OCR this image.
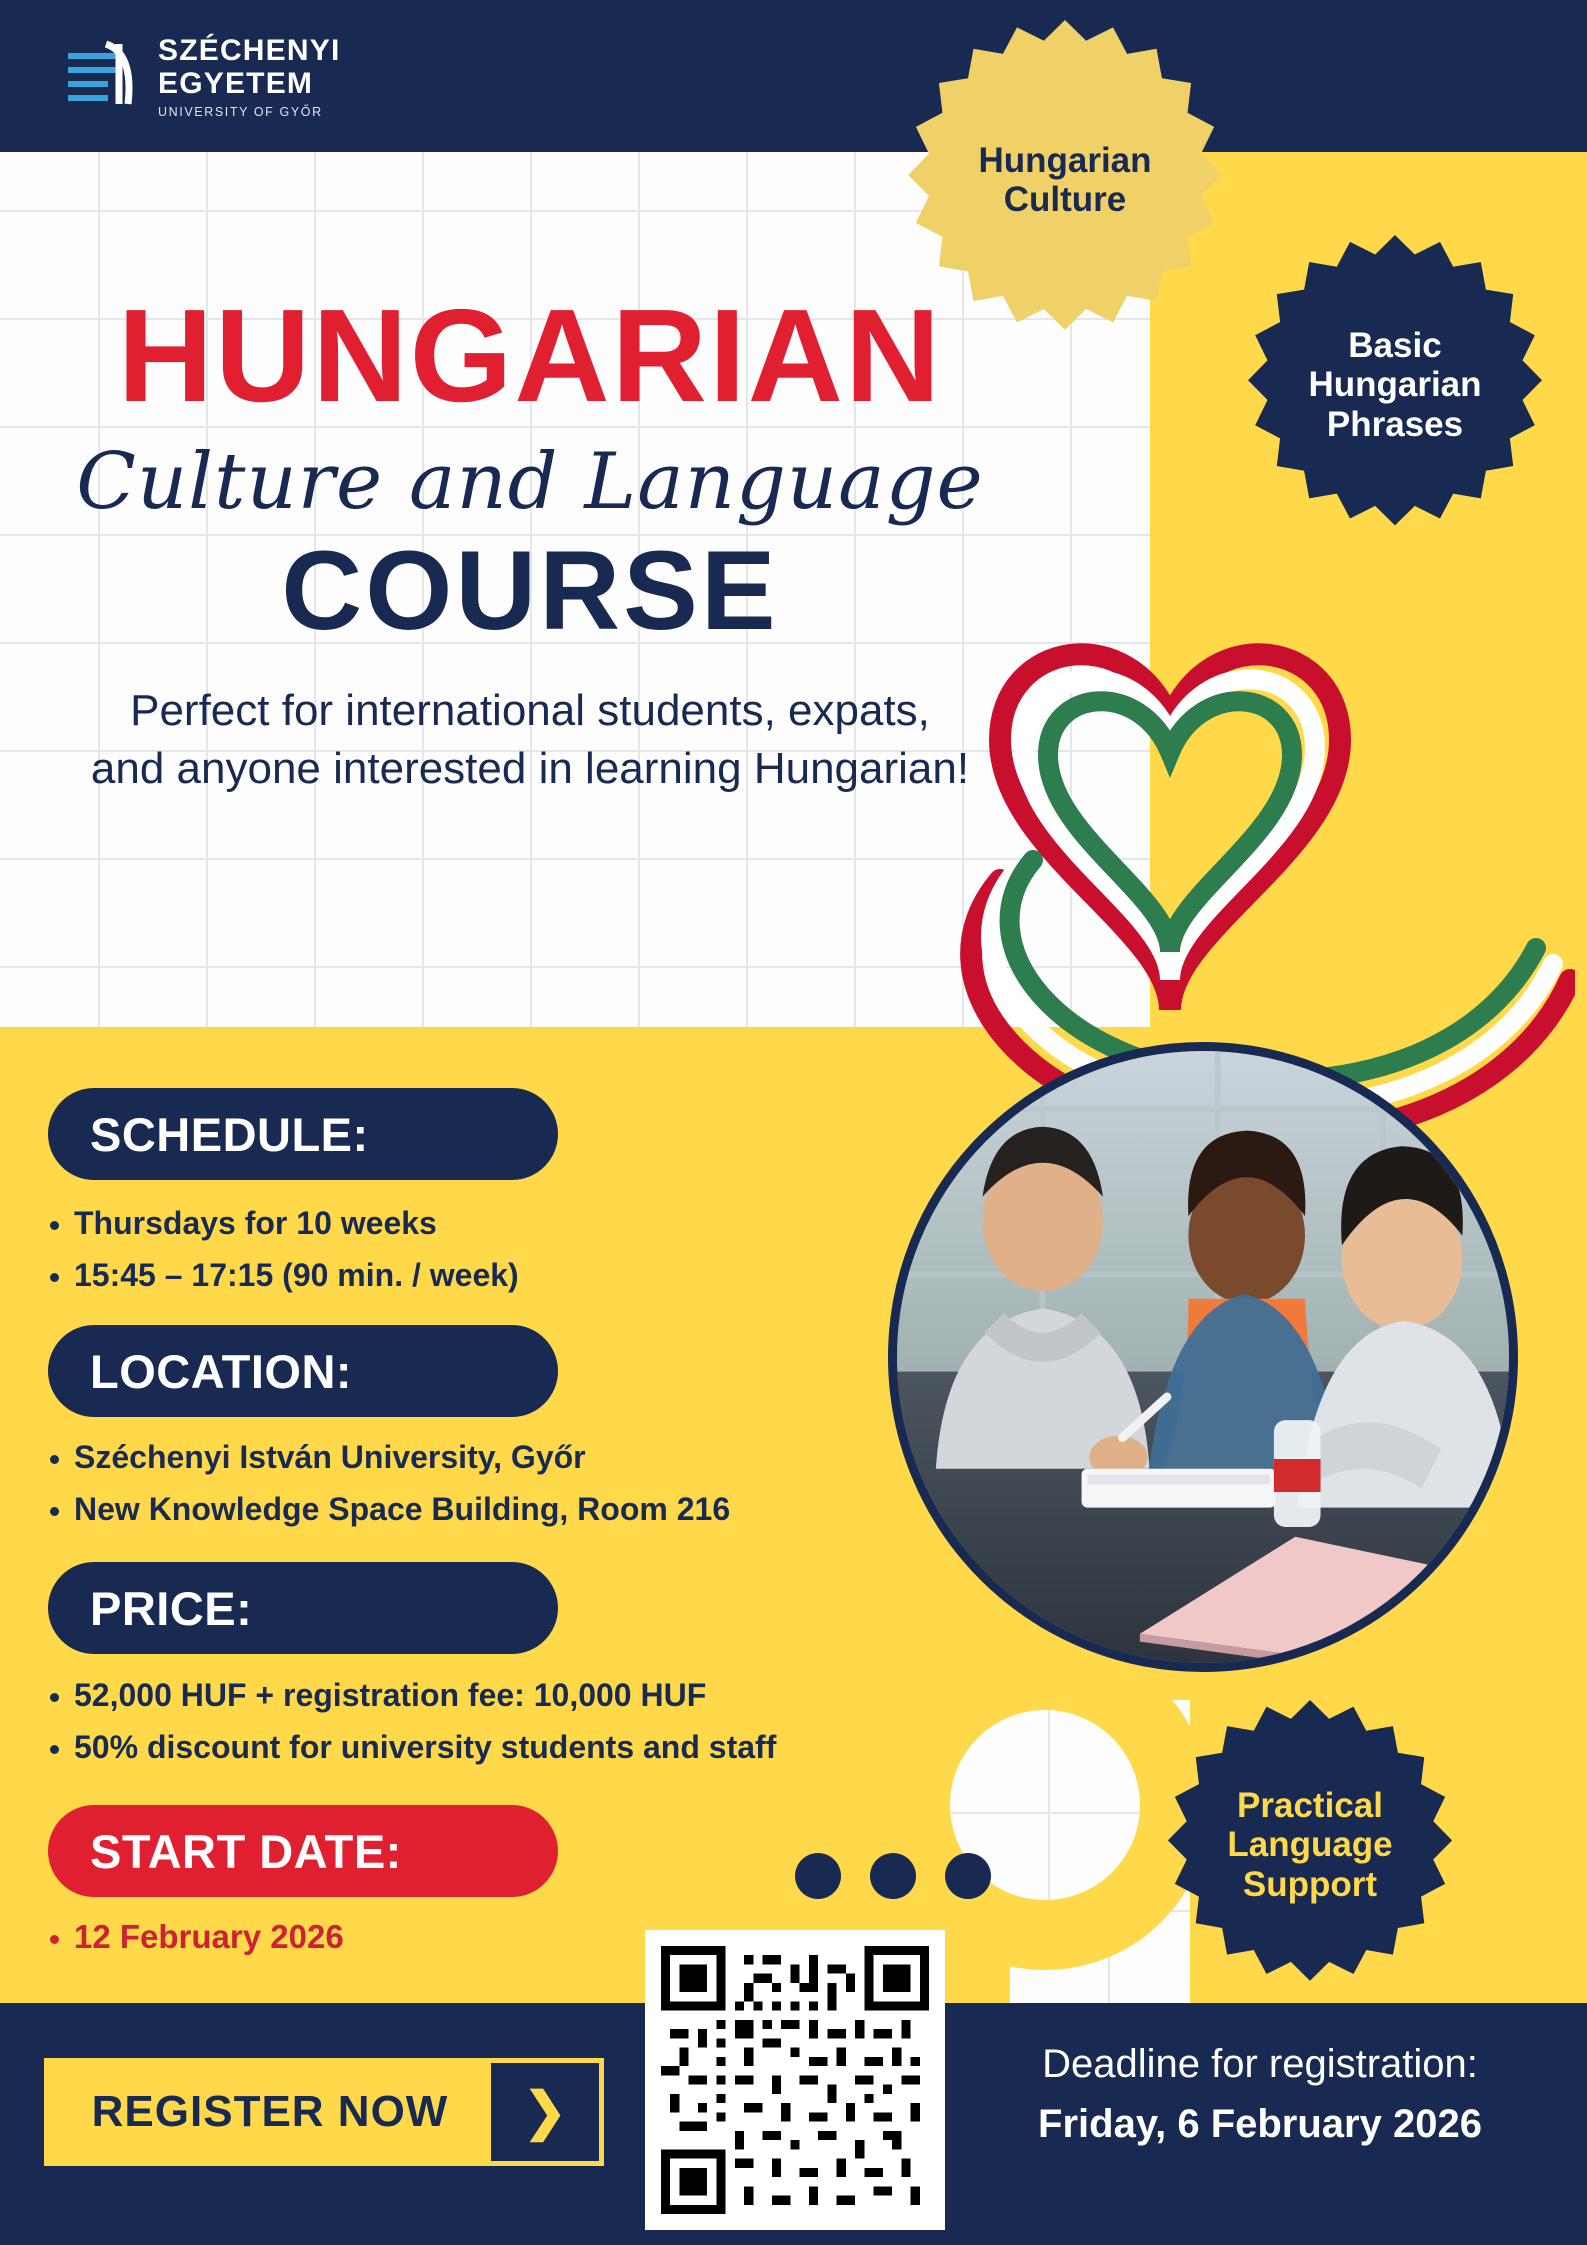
SZÉCHENYI
EGYETEM
UNIVERSITY OF GYŐR
Hungarian
Culture
Basic
Hungarian
Phrases
Practical
Language
Support
HUNGARIAN
Culture and Language
COURSE
Perfect for international students, expats, and anyone interested in learning Hungarian!
SCHEDULE:
• Thursdays for 10 weeks
• 15:45 – 17:15 (90 min. / week)
LOCATION:
• Széchenyi István University, Győr
• New Knowledge Space Building, Room 216
PRICE:
• 52,000 HUF + registration fee: 10,000 HUF
• 50% discount for university students and staff
START DATE:
• 12 February 2026
REGISTER NOW	❯
Deadline for registration:
Friday, 6 February 2026
